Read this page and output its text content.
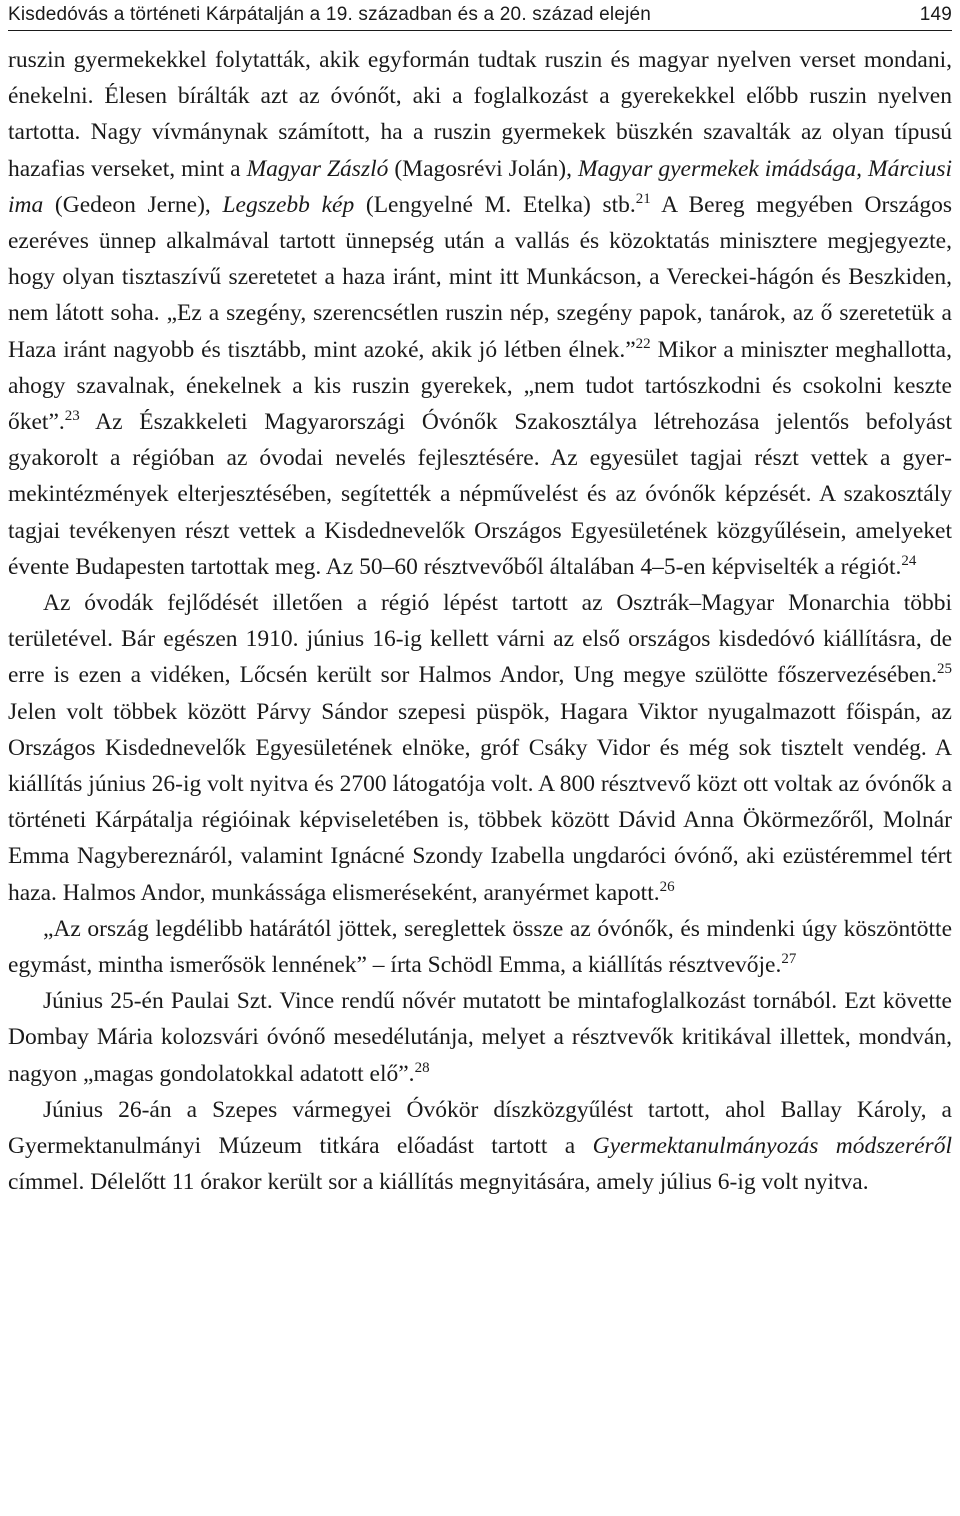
Kisdedóvás a történeti Kárpátalján a 19. században és a 20. század elején	149

ruszin gyermekekkel folytatták, akik egyformán tudtak ruszin és magyar nyelven verset mondani, énekelni. Élesen bírálták azt az óvónőt, aki a foglalkozást a gyerekekkel előbb ruszin nyelven tartotta. Nagy vívmánynak számított, ha a ruszin gyermekek büszkén szavalták az olyan típusú hazafias verseket, mint a Magyar Zászló (Magosrévi Jolán), Magyar gyermekek imádsága, Márciusi ima (Gedeon Jerne), Legszebb kép (Lengyelné M. Etelka) stb.$^{21}$ A Bereg megyében Országos ezeréves ünnep alkalmával tartott ünnepség után a vallás és közoktatás minisztere megjegyezte, hogy olyan tisztaszívű szeretetet a haza iránt, mint itt Munkácson, a Vereckei-hágón és Beszkiden, nem látott soha. „Ez a szegény, szerencsétlen ruszin nép, szegény papok, tanárok, az ő szeretetük a Haza iránt nagyobb és tisztább, mint azoké, akik jó létben élnek.”$^{22}$ Mikor a miniszter meghallotta, ahogy szavalnak, énekelnek a kis ruszin gyerekek, „nem tudot tartószkodni és csokolni keszte őket”.$^{23}$ Az Északkeleti Magyarországi Óvónők Szakosztálya létrehozása jelentős befolyást gyakorolt a régióban az óvodai nevelés fejlesztésére. Az egyesület tagjai részt vettek a gyermekintézmények elterjesztésében, segítették a népművelést és az óvónők képzését. A szakosztály tagjai tevékenyen részt vettek a Kisdednevelők Országos Egyesületének közgyűlésein, amelyeket évente Budapesten tartottak meg. Az 50–60 résztvevőből általában 4–5-en képviselték a régiót.$^{24}$

Az óvodák fejlődését illetően a régió lépést tartott az Osztrák–Magyar Monarchia többi területével. Bár egészen 1910. június 16-ig kellett várni az első országos kisdedóvó kiállításra, de erre is ezen a vidéken, Lőcsén került sor Halmos Andor, Ung megye szülötte főszervezésében.$^{25}$ Jelen volt többek között Párvy Sándor szepesi püspök, Hagara Viktor nyugalmazott főispán, az Országos Kisdednevelők Egyesületének elnöke, gróf Csáky Vidor és még sok tisztelt vendég. A kiállítás június 26-ig volt nyitva és 2700 látogatója volt. A 800 résztvevő közt ott voltak az óvónők a történeti Kárpátalja régióinak képviseletében is, többek között Dávid Anna Ökörmezőről, Molnár Emma Nagybereznáról, valamint Ignácné Szondy Izabella ungdaróci óvónő, aki ezüstéremmel tért haza. Halmos Andor, munkássága elismeréseként, aranyérmet kapott.$^{26}$

„Az ország legdélibb határától jöttek, sereglettek össze az óvónők, és mindenki úgy köszöntötte egymást, mintha ismerősök lennének” – írta Schödl Emma, a kiállítás résztvevője.$^{27}$

Június 25-én Paulai Szt. Vince rendű nővér mutatott be mintafoglalkozást tornából. Ezt követte Dombay Mária kolozsvári óvónő mesedélutánja, melyet a résztvevők kritikával illettek, mondván, nagyon „magas gondolatokkal adatott elő”.$^{28}$

Június 26-án a Szepes vármegyei Óvókör díszközgyűlést tartott, ahol Ballay Károly, a Gyermektanulmányi Múzeum titkára előadást tartott a Gyermektanulmányozás módszeréről címmel. Délelőtt 11 órakor került sor a kiállítás megnyitására, amely július 6-ig volt nyitva.
